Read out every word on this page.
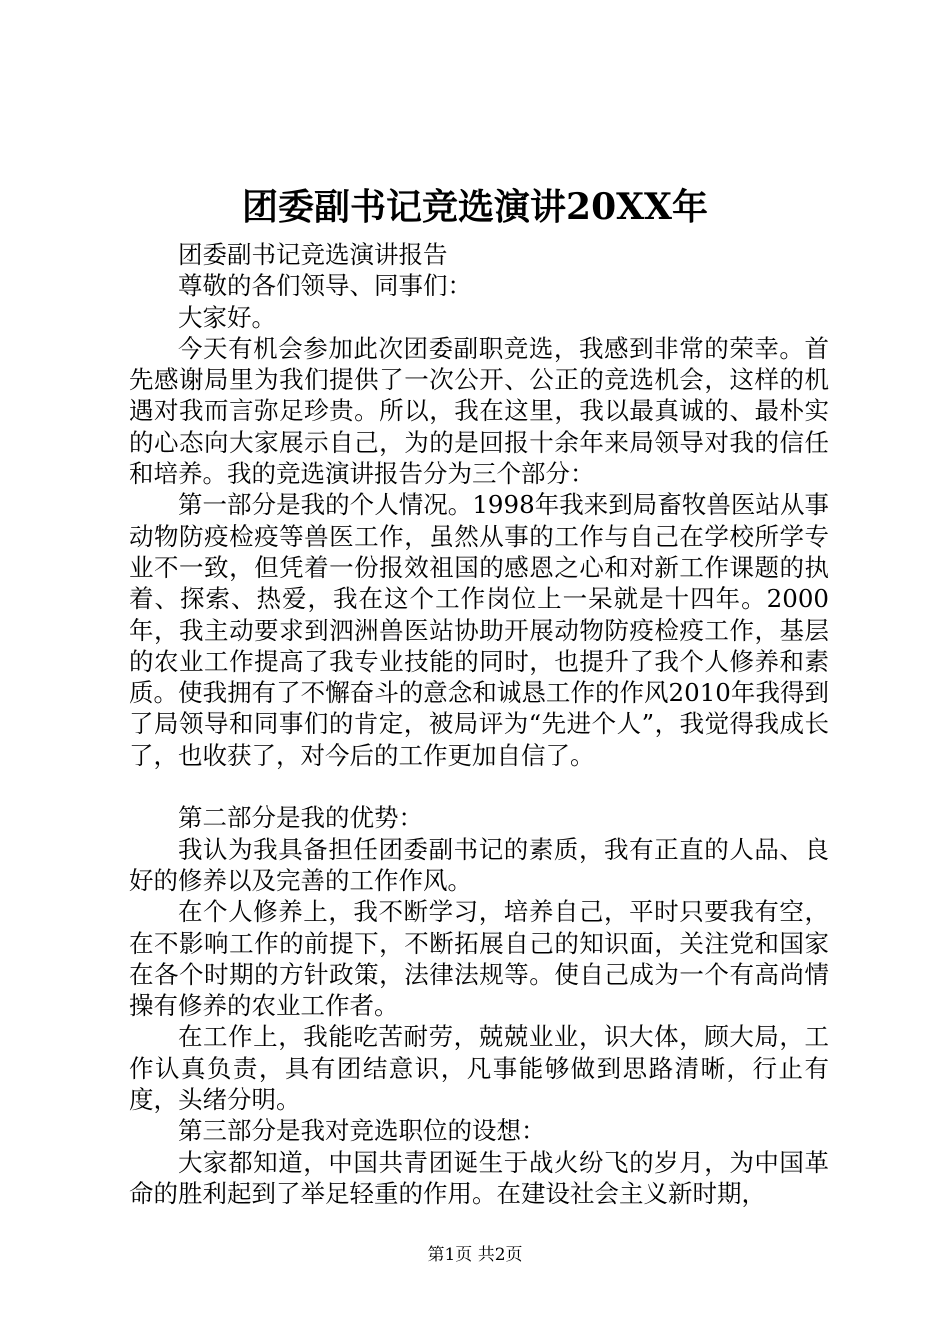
团委副书记竞选演讲20XX年

团委副书记竞选演讲报告

尊敬的各们领导、同事们：

大家好。

今天有机会参加此次团委副职竞选，我感到非常的荣幸。首先感谢局里为我们提供了一次公开、公正的竞选机会，这样的机遇对我而言弥足珍贵。所以，我在这里，我以最真诚的、最朴实的心态向大家展示自己，为的是回报十余年来局领导对我的信任和培养。我的竞选演讲报告分为三个部分：

第一部分是我的个人情况。1998年我来到局畜牧兽医站从事动物防疫检疫等兽医工作，虽然从事的工作与自己在学校所学专业不一致，但凭着一份报效祖国的感恩之心和对新工作课题的执着、探索、热爱，我在这个工作岗位上一呆就是十四年。2000年，我主动要求到泗洲兽医站协助开展动物防疫检疫工作，基层的农业工作提高了我专业技能的同时，也提升了我个人修养和素质。使我拥有了不懈奋斗的意念和诚恳工作的作风2010年我得到了局领导和同事们的肯定，被局评为“先进个人”，我觉得我成长了，也收获了，对今后的工作更加自信了。

第二部分是我的优势：

我认为我具备担任团委副书记的素质，我有正直的人品、良好的修养以及完善的工作作风。

在个人修养上，我不断学习，培养自己，平时只要我有空，在不影响工作的前提下，不断拓展自己的知识面，关注党和国家在各个时期的方针政策，法律法规等。使自己成为一个有高尚情操有修养的农业工作者。

在工作上，我能吃苦耐劳，兢兢业业，识大体，顾大局，工作认真负责，具有团结意识，凡事能够做到思路清晰，行止有度，头绪分明。

第三部分是我对竞选职位的设想：

大家都知道，中国共青团诞生于战火纷飞的岁月，为中国革命的胜利起到了举足轻重的作用。在建设社会主义新时期，

第1页 共2页
